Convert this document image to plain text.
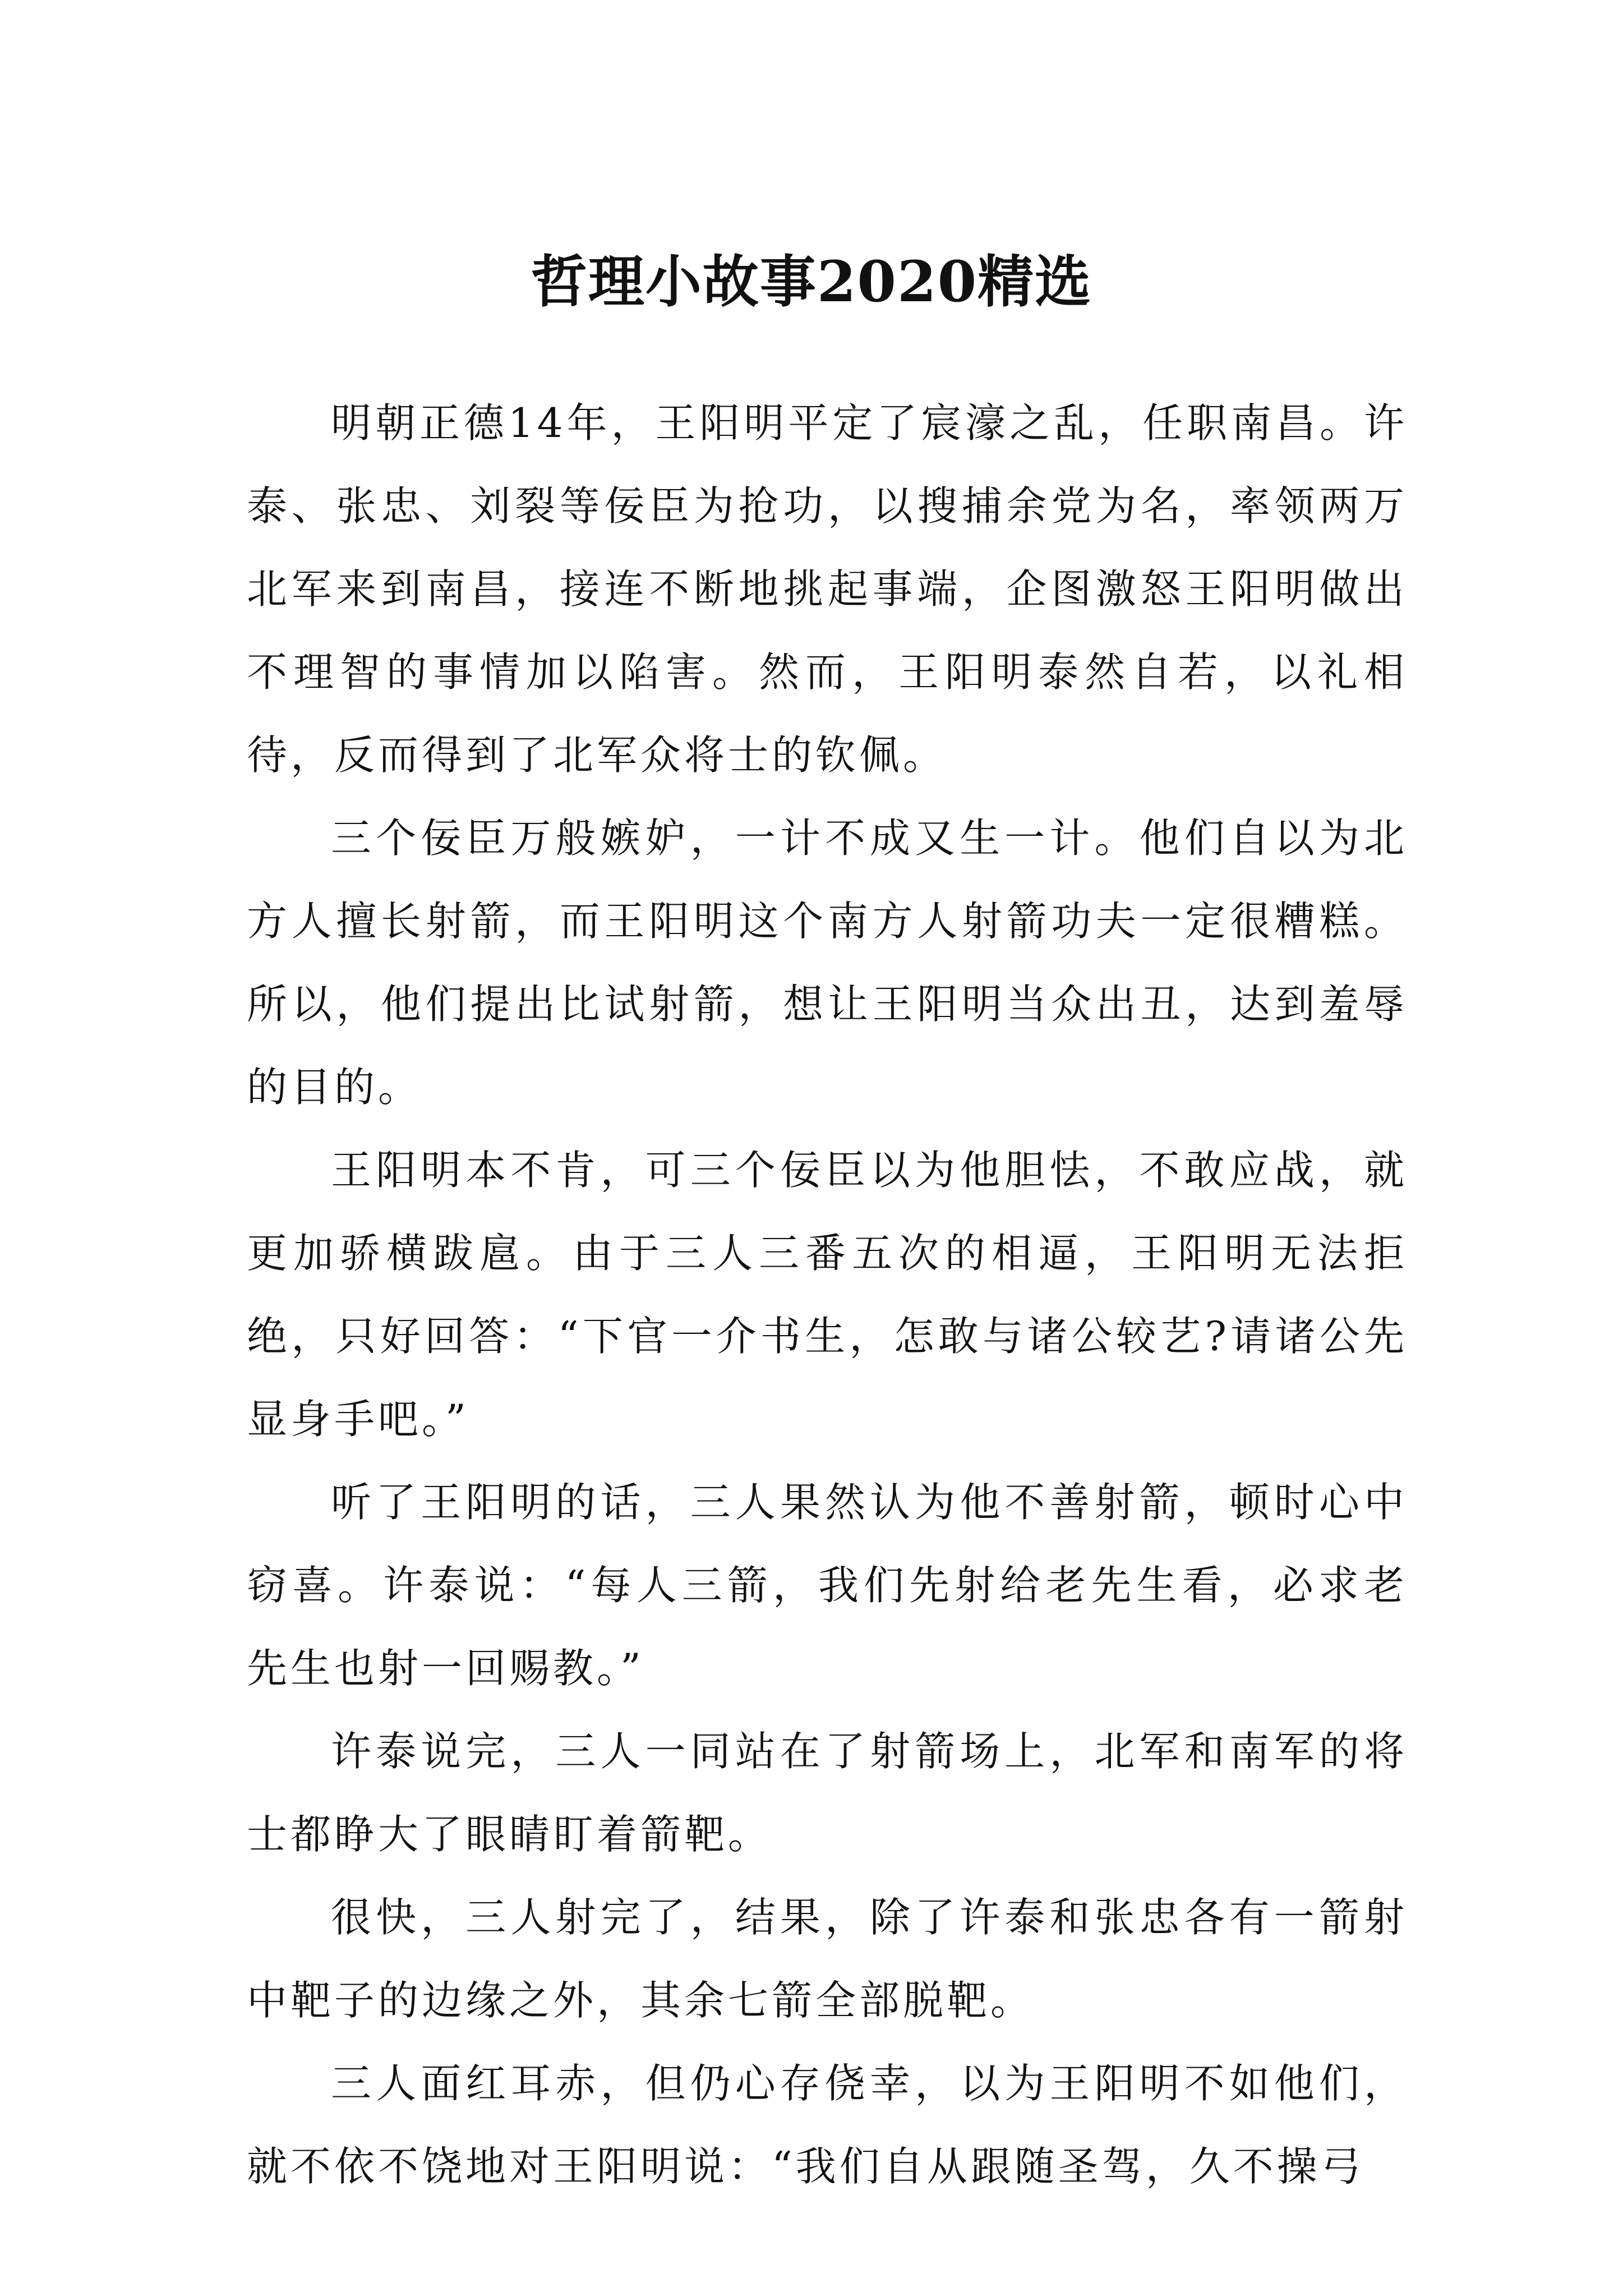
哲理小故事2020精选

明朝正德14年，王阳明平定了宸濠之乱，任职南昌。许泰、张忠、刘裂等佞臣为抢功，以搜捕余党为名，率领两万北军来到南昌，接连不断地挑起事端，企图激怒王阳明做出不理智的事情加以陷害。然而，王阳明泰然自若，以礼相待，反而得到了北军众将士的钦佩。

三个佞臣万般嫉妒，一计不成又生一计。他们自以为北方人擅长射箭，而王阳明这个南方人射箭功夫一定很糟糕。所以，他们提出比试射箭，想让王阳明当众出丑，达到羞辱的目的。

王阳明本不肯，可三个佞臣以为他胆怯，不敢应战，就更加骄横跋扈。由于三人三番五次的相逼，王阳明无法拒绝，只好回答：“下官一介书生，怎敢与诸公较艺?请诸公先显身手吧。”

听了王阳明的话，三人果然认为他不善射箭，顿时心中窃喜。许泰说：“每人三箭，我们先射给老先生看，必求老先生也射一回赐教。”

许泰说完，三人一同站在了射箭场上，北军和南军的将士都睁大了眼睛盯着箭靶。

很快，三人射完了，结果，除了许泰和张忠各有一箭射中靶子的边缘之外，其余七箭全部脱靶。

三人面红耳赤，但仍心存侥幸，以为王阳明不如他们，就不依不饶地对王阳明说：“我们自从跟随圣驾，久不操弓
